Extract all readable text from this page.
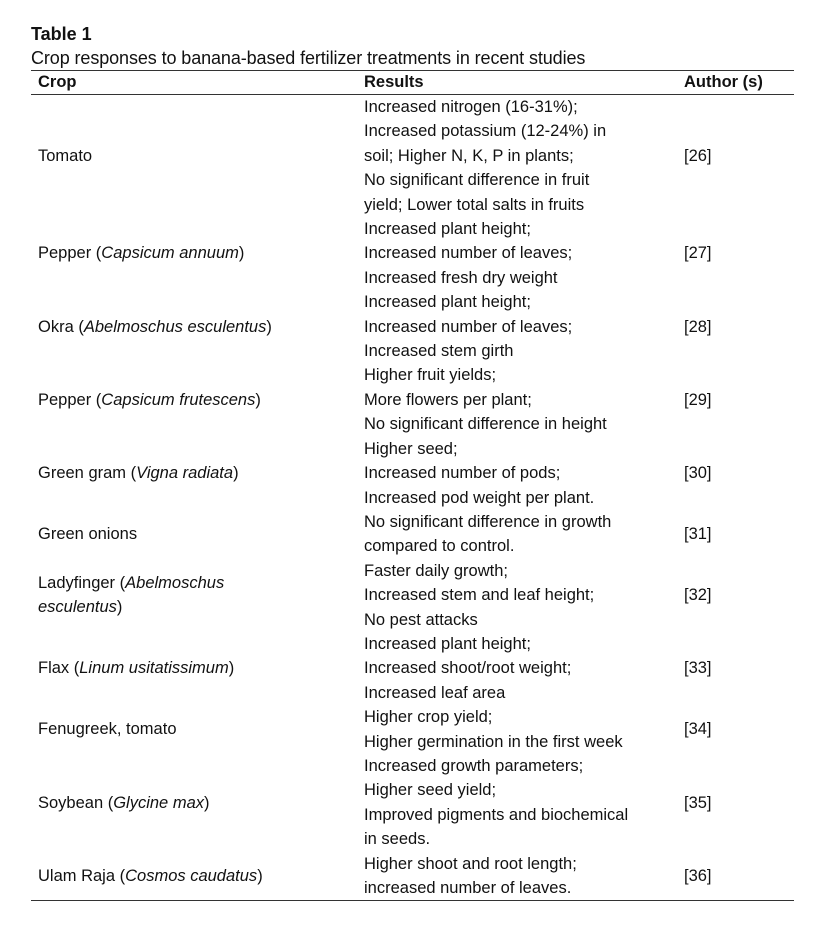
Table 1

Crop responses to banana-based fertilizer treatments in recent studies

Crop	Results	Author (s)
Tomato	Increased nitrogen (16-31%);
Increased potassium (12-24%) in
soil; Higher N, K, P in plants;
No significant difference in fruit
yield; Lower total salts in fruits	[26]
Pepper (Capsicum annuum)	Increased plant height;
Increased number of leaves;
Increased fresh dry weight	[27]
Okra (Abelmoschus esculentus)	Increased plant height;
Increased number of leaves;
Increased stem girth	[28]
Pepper (Capsicum frutescens)	Higher fruit yields;
More flowers per plant;
No significant difference in height	[29]
Green gram (Vigna radiata)	Higher seed;
Increased number of pods;
Increased pod weight per plant.	[30]
Green onions	No significant difference in growth
compared to control.	[31]
Ladyfinger (Abelmoschus
esculentus)	Faster daily growth;
Increased stem and leaf height;
No pest attacks	[32]
Flax (Linum usitatissimum)	Increased plant height;
Increased shoot/root weight;
Increased leaf area	[33]
Fenugreek, tomato	Higher crop yield;
Higher germination in the first week	[34]
Soybean (Glycine max)	Increased growth parameters;
Higher seed yield;
Improved pigments and biochemical
in seeds.	[35]
Ulam Raja (Cosmos caudatus)	Higher shoot and root length;
increased number of leaves.	[36]
